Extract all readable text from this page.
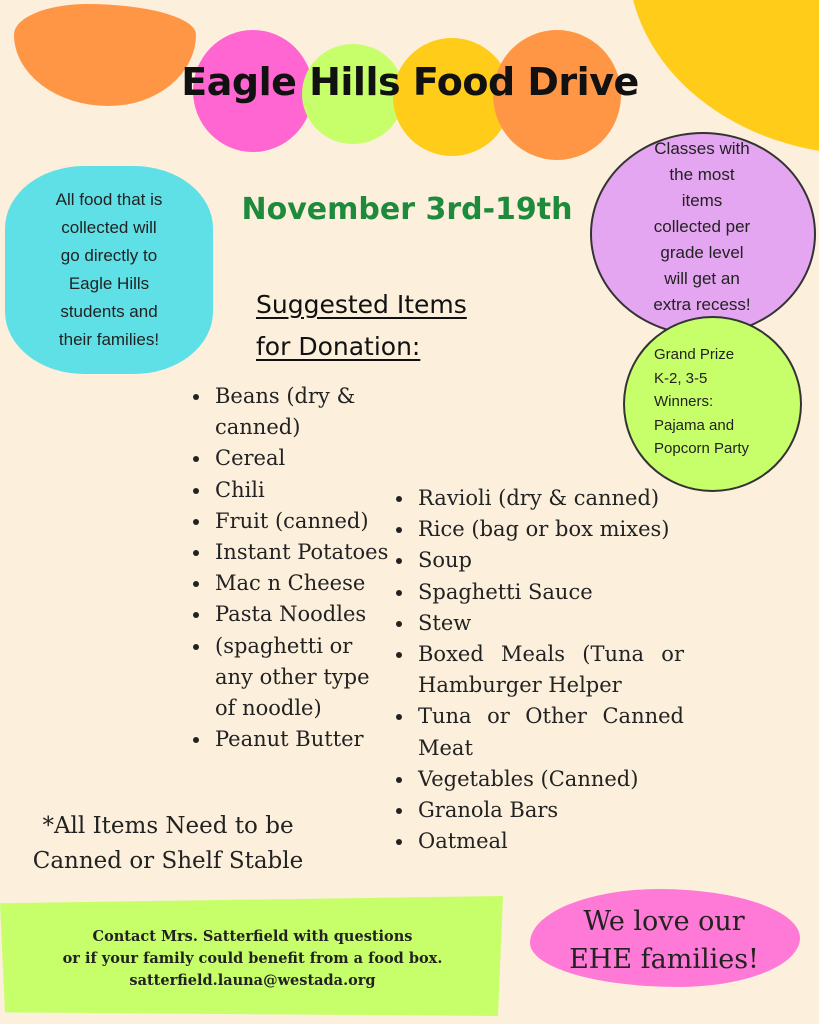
Eagle Hills Food Drive
November 3rd-19th
All food that is
collected will
go directly to
Eagle Hills
students and
their families!
Classes with
the most
items
collected per
grade level
will get an
extra recess!
Grand Prize
K-2, 3-5
Winners:
Pajama and
Popcorn Party
Suggested Items
for Donation:
Beans (dry & canned)
Cereal
Chili
Fruit (canned)
Instant Potatoes
Mac n Cheese
Pasta Noodles
(spaghetti or any other type of noodle)
Peanut Butter
Ravioli (dry & canned)
Rice (bag or box mixes)
Soup
Spaghetti Sauce
Stew
Boxed Meals (Tuna or Hamburger Helper
Tuna or Other Canned Meat
Vegetables (Canned)
Granola Bars
Oatmeal
*All Items Need to be
Canned or Shelf Stable
Contact Mrs. Satterfield with questions
or if your family could benefit from a food box.
satterfield.launa@westada.org
We love our
EHE families!
